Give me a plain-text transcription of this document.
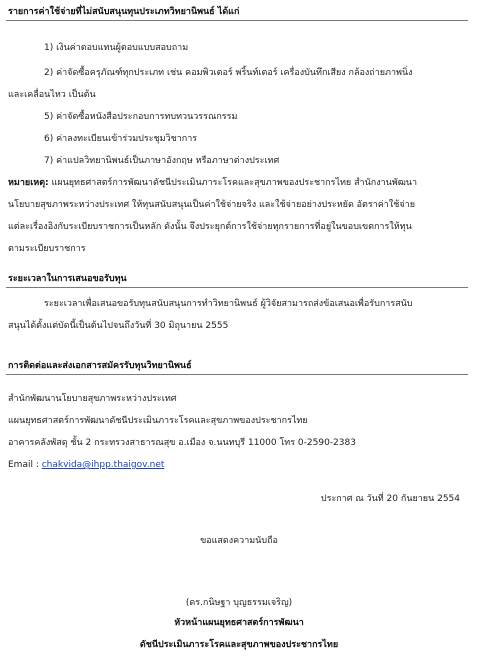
รายการค่าใช้จ่ายที่ไม่สนับสนุนทุนประเภทวิทยานิพนธ์ ได้แก่
1) เงินค่าตอบแทนผู้ตอบแบบสอบถาม
2) ค่าจัดซื้อครุภัณฑ์ทุกประเภท เช่น คอมพิวเตอร์ พริ้นท์เตอร์ เครื่องบันทึกเสียง กล้องถ่ายภาพนิ่ง
และเคลื่อนไหว เป็นต้น
5) ค่าจัดซื้อหนังสือประกอบการทบทวนวรรณกรรม
6) ค่าลงทะเบียนเข้าร่วมประชุมวิชาการ
7) ค่าแปลวิทยานิพนธ์เป็นภาษาอังกฤษ หรือภาษาต่างประเทศ
หมายเหตุ: แผนยุทธศาสตร์การพัฒนาดัชนีประเมินภาระโรคและสุขภาพของประชากรไทย สำนักงานพัฒนา
นโยบายสุขภาพระหว่างประเทศ ให้ทุนสนับสนุนเป็นค่าใช้จ่ายจริง และใช้จ่ายอย่างประหยัด อัตราค่าใช้จ่าย
แต่ละเรื่องอิงกับระเบียบราชการเป็นหลัก ดังนั้น จึงประยุกต์การใช้จ่ายทุกรายการที่อยู่ในขอบเขตการให้ทุน
ตามระเบียบราชการ
ระยะเวลาในการเสนอขอรับทุน
ระยะเวลาเพื่อเสนอขอรับทุนสนับสนุนการทำวิทยานิพนธ์ ผู้วิจัยสามารถส่งข้อเสนอเพื่อรับการสนับ
สนุนได้ตั้งแต่บัดนี้เป็นต้นไปจนถึงวันที่ 30 มิถุนายน 2555
การติดต่อและส่งเอกสารสมัครรับทุนวิทยานิพนธ์
สำนักพัฒนานโยบายสุขภาพระหว่างประเทศ
แผนยุทธศาสตร์การพัฒนาดัชนีประเมินภาระโรคและสุขภาพของประชากรไทย
อาคารคลังพัสดุ ชั้น 2 กระทรวงสาธารณสุข อ.เมือง จ.นนทบุรี 11000 โทร 0-2590-2383
Email : chakvida@ihpp.thaigov.net
ประกาศ ณ วันที่ 20 กันยายน 2554
ขอแสดงความนับถือ
(ดร.กนิษฐา บุญธรรมเจริญ)
หัวหน้าแผนยุทธศาสตร์การพัฒนา
ดัชนีประเมินภาระโรคและสุขภาพของประชากรไทย
